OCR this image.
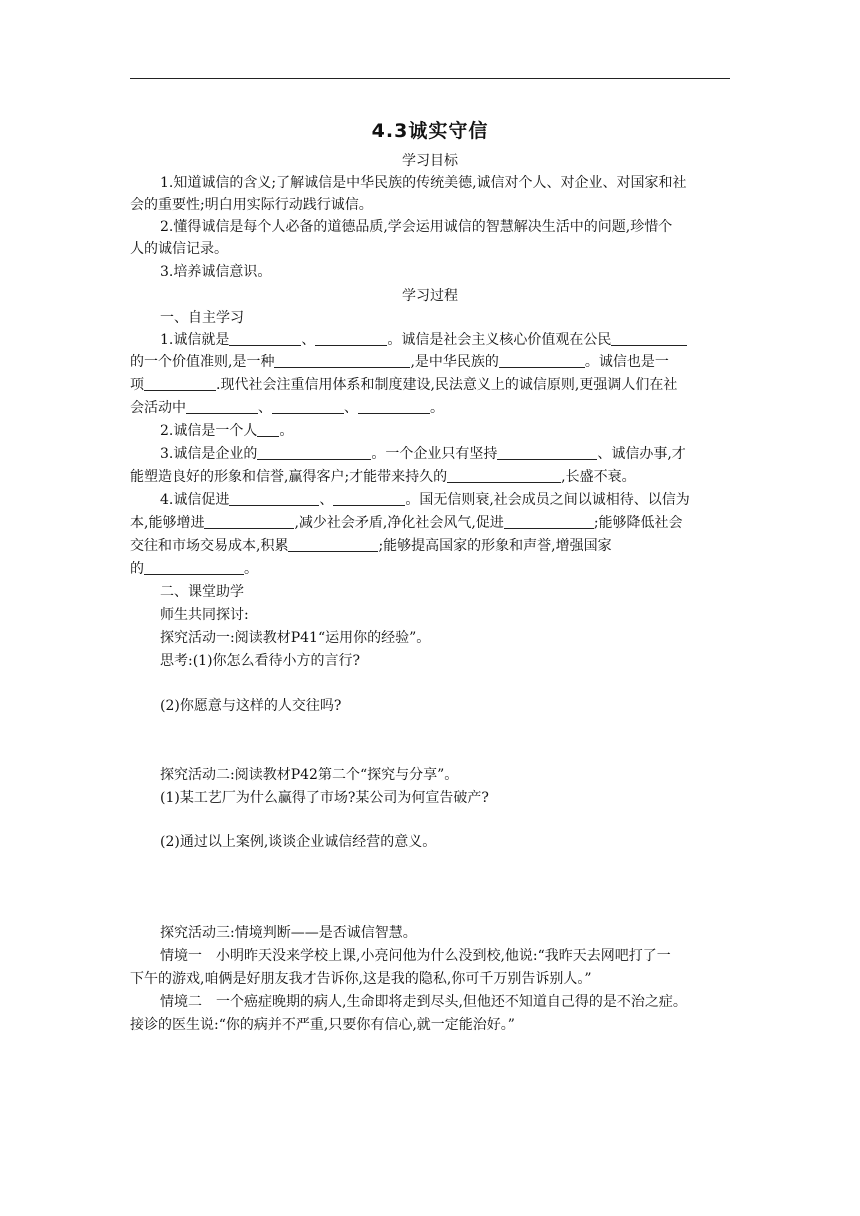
4.3诚实守信
学习目标
1.知道诚信的含义;了解诚信是中华民族的传统美德,诚信对个人、对企业、对国家和社
会的重要性;明白用实际行动践行诚信。
2.懂得诚信是每个人必备的道德品质,学会运用诚信的智慧解决生活中的问题,珍惜个
人的诚信记录。
3.培养诚信意识。
学习过程
一、自主学习
1.诚信就是	、	。诚信是社会主义核心价值观在公民
的一个价值准则,是一种	,是中华民族的	。诚信也是一
项	.现代社会注重信用体系和制度建设,民法意义上的诚信原则,更强调人们在社
会活动中	、	、	。
2.诚信是一个人 。
3.诚信是企业的	。一个企业只有坚持	、诚信办事,才
能塑造良好的形象和信誉,赢得客户;才能带来持久的	,长盛不衰。
4.诚信促进	、	。国无信则衰,社会成员之间以诚相待、以信为
本,能够增进	,减少社会矛盾,净化社会风气,促进	;能够降低社会
交往和市场交易成本,积累	;能够提高国家的形象和声誉,增强国家
的	。
二、课堂助学
师生共同探讨:
探究活动一:阅读教材P41“运用你的经验”。
思考:(1)你怎么看待小方的言行?
(2)你愿意与这样的人交往吗?
探究活动二:阅读教材P42第二个“探究与分享”。
(1)某工艺厂为什么赢得了市场?某公司为何宣告破产?
(2)通过以上案例,谈谈企业诚信经营的意义。
探究活动三:情境判断——是否诚信智慧。
情境一　小明昨天没来学校上课,小亮问他为什么没到校,他说:“我昨天去网吧打了一
下午的游戏,咱俩是好朋友我才告诉你,这是我的隐私,你可千万别告诉别人。”
情境二　一个癌症晚期的病人,生命即将走到尽头,但他还不知道自己得的是不治之症。
接诊的医生说:“你的病并不严重,只要你有信心,就一定能治好。”
